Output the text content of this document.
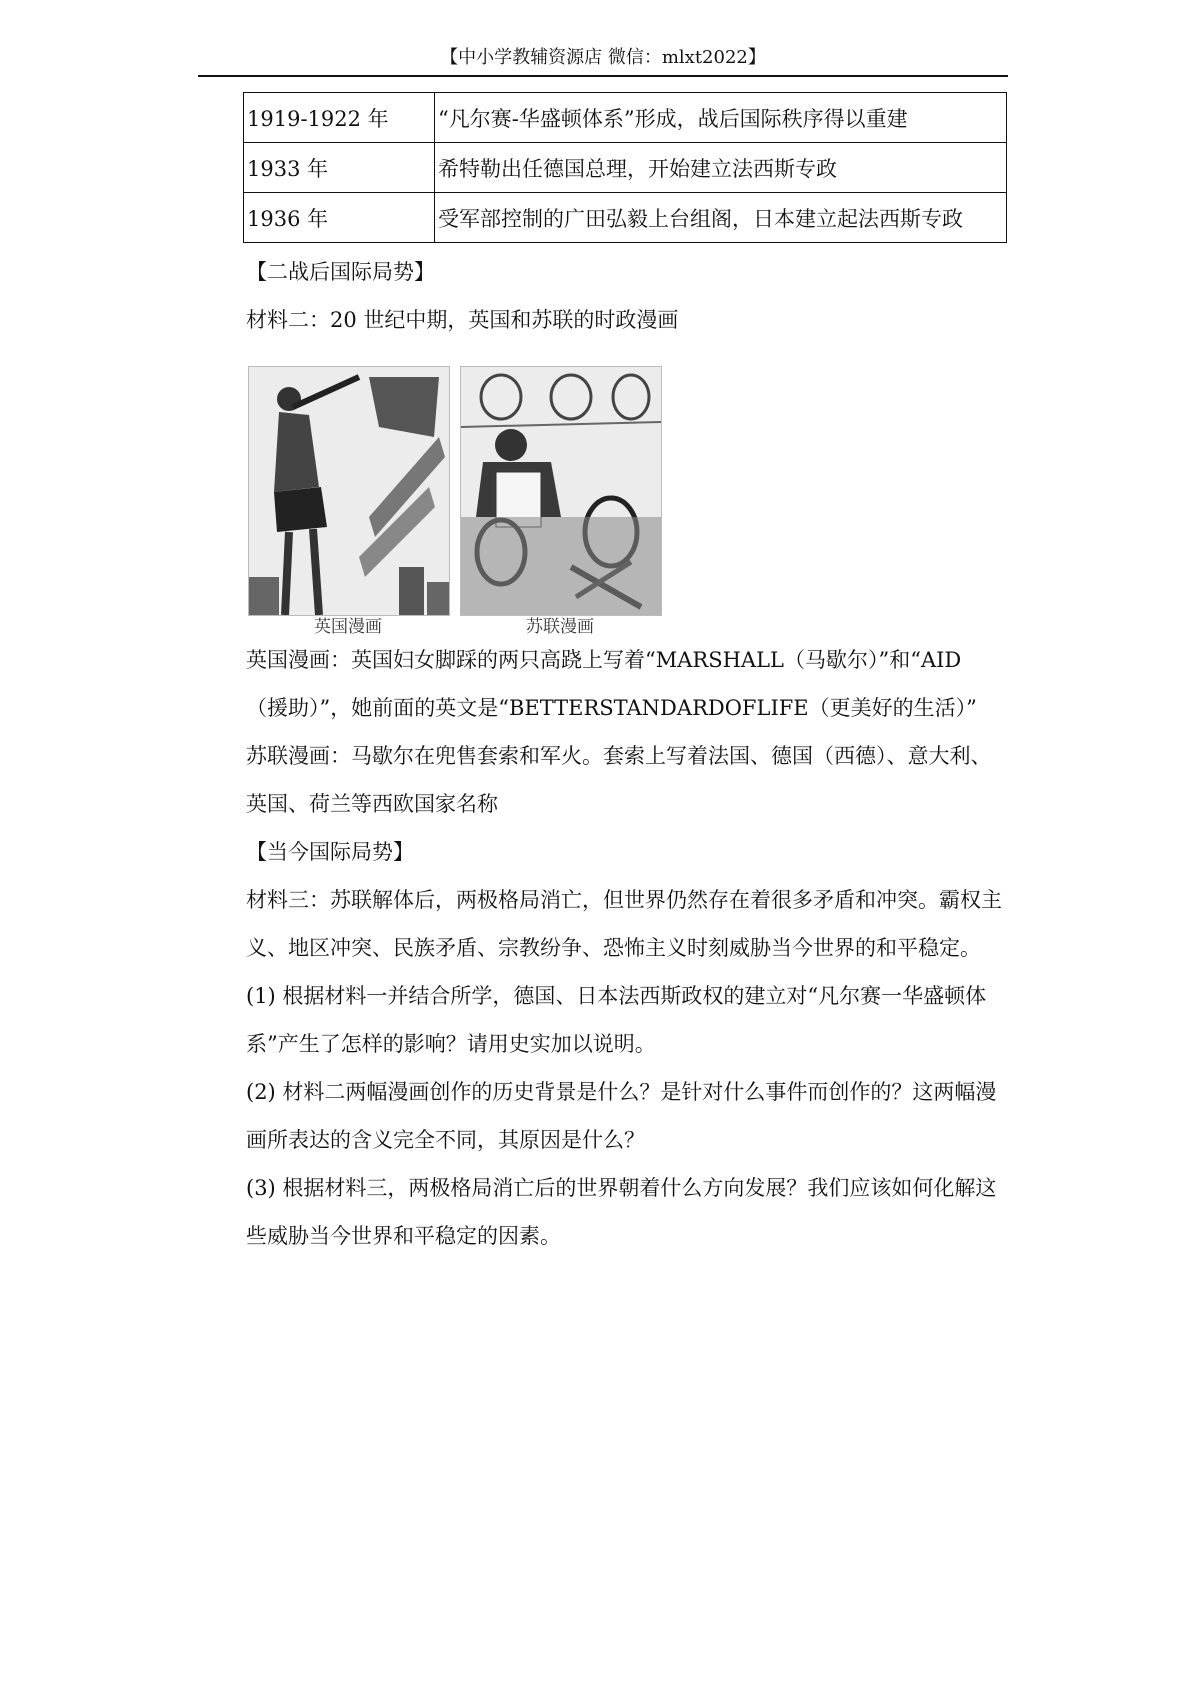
【中小学教辅资源店 微信：mlxt2022】
1919-1922 年	“凡尔赛-华盛顿体系”形成，战后国际秩序得以重建
1933 年	希特勒出任德国总理，开始建立法西斯专政
1936 年	受军部控制的广田弘毅上台组阁，日本建立起法西斯专政

【二战后国际局势】

材料二：20 世纪中期，英国和苏联的时政漫画

英国漫画	苏联漫画

英国漫画：英国妇女脚踩的两只高跷上写着“MARSHALL（马歇尔）”和“AID

（援助）”，她前面的英文是“BETTERSTANDARDOFLIFE（更美好的生活）”

苏联漫画：马歇尔在兜售套索和军火。套索上写着法国、德国（西德）、意大利、

英国、荷兰等西欧国家名称

【当今国际局势】

材料三：苏联解体后，两极格局消亡，但世界仍然存在着很多矛盾和冲突。霸权主

义、地区冲突、民族矛盾、宗教纷争、恐怖主义时刻威胁当今世界的和平稳定。

(1) 根据材料一并结合所学，德国、日本法西斯政权的建立对“凡尔赛一华盛顿体

系”产生了怎样的影响？请用史实加以说明。

(2) 材料二两幅漫画创作的历史背景是什么？是针对什么事件而创作的？这两幅漫

画所表达的含义完全不同，其原因是什么？

(3) 根据材料三，两极格局消亡后的世界朝着什么方向发展？我们应该如何化解这

些威胁当今世界和平稳定的因素。
